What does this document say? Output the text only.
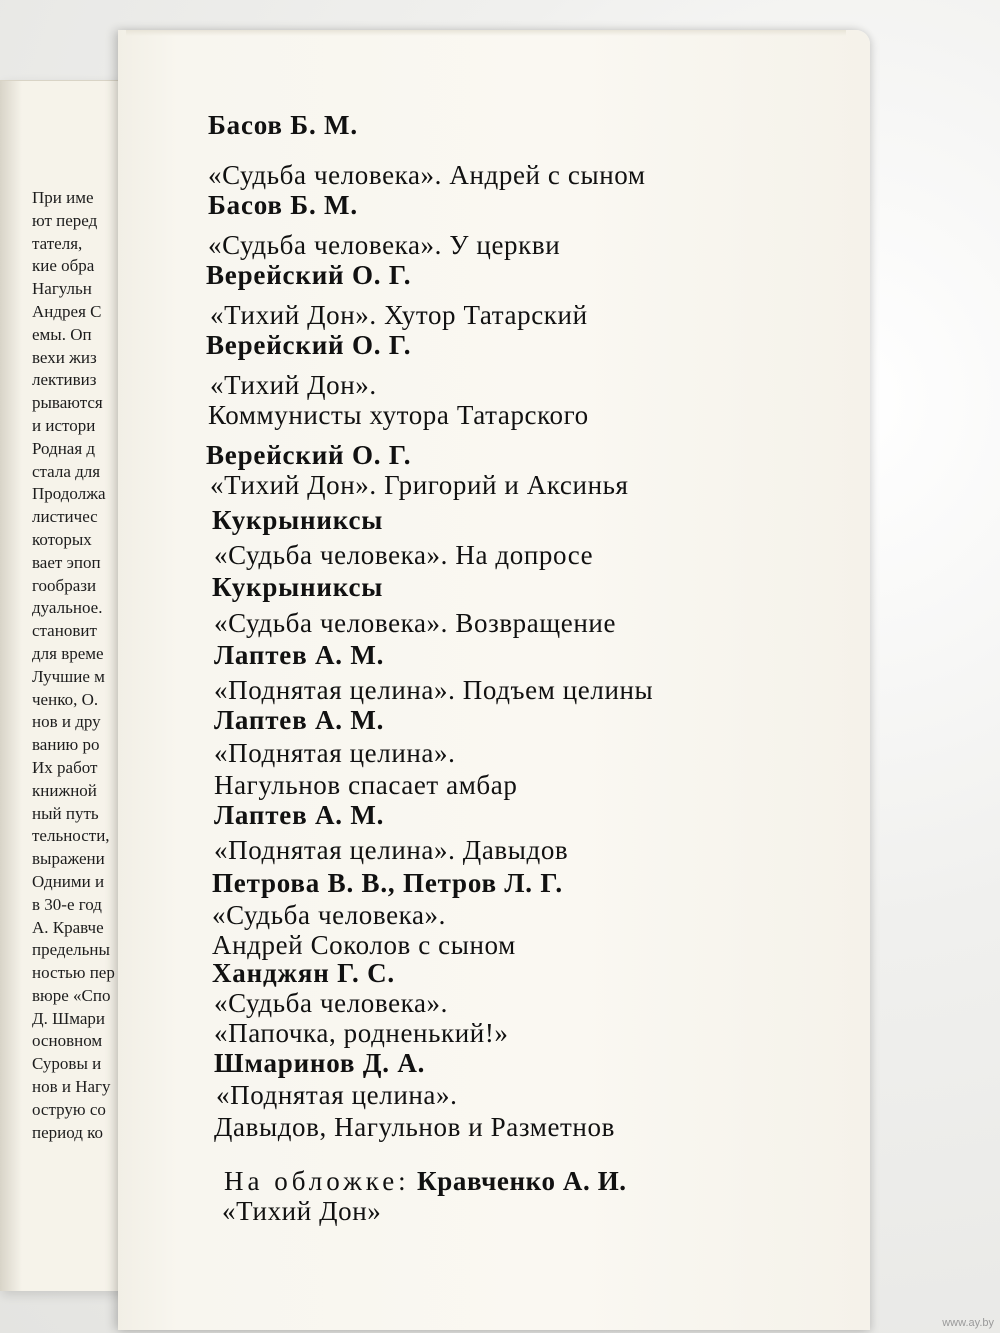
При име
ют перед
тателя,
кие обра
Нагульн
Андрея С
емы. Оп
вехи жиз
лективиз
рываются
и истори
Родная д
стала для
Продолжа
листичес
которых
вает эпоп
гообрази
дуальное.
становит
для време
Лучшие м
ченко, О.
нов и дру
ванию ро
Их работ
книжной
ный путь
тельности,
выражени
Одними и
в 30-е год
А. Кравче
предельны
ностью пер
вюре «Спо
Д. Шмари
основном
Суровы и
нов и Нагу
острую со
период ко
Басов Б. М.
«Судьба человека». Андрей с сыном
Басов Б. М.
«Судьба человека». У церкви
Верейский О. Г.
«Тихий Дон». Хутор Татарский
Верейский О. Г.
«Тихий Дон».
Коммунисты хутора Татарского
Верейский О. Г.
«Тихий Дон». Григорий и Аксинья
Кукрыниксы
«Судьба человека». На допросе
Кукрыниксы
«Судьба человека». Возвращение
Лаптев А. М.
«Поднятая целина». Подъем целины
Лаптев А. М.
«Поднятая целина».
Нагульнов спасает амбар
Лаптев А. М.
«Поднятая целина». Давыдов
Петрова В. В., Петров Л. Г.
«Судьба человека».
Андрей Соколов с сыном
Ханджян Г. С.
«Судьба человека».
«Папочка, родненький!»
Шмаринов Д. А.
«Поднятая целина».
Давыдов, Нагульнов и Разметнов
На обложке: Кравченко А. И.
«Тихий Дон»
www.ay.by
